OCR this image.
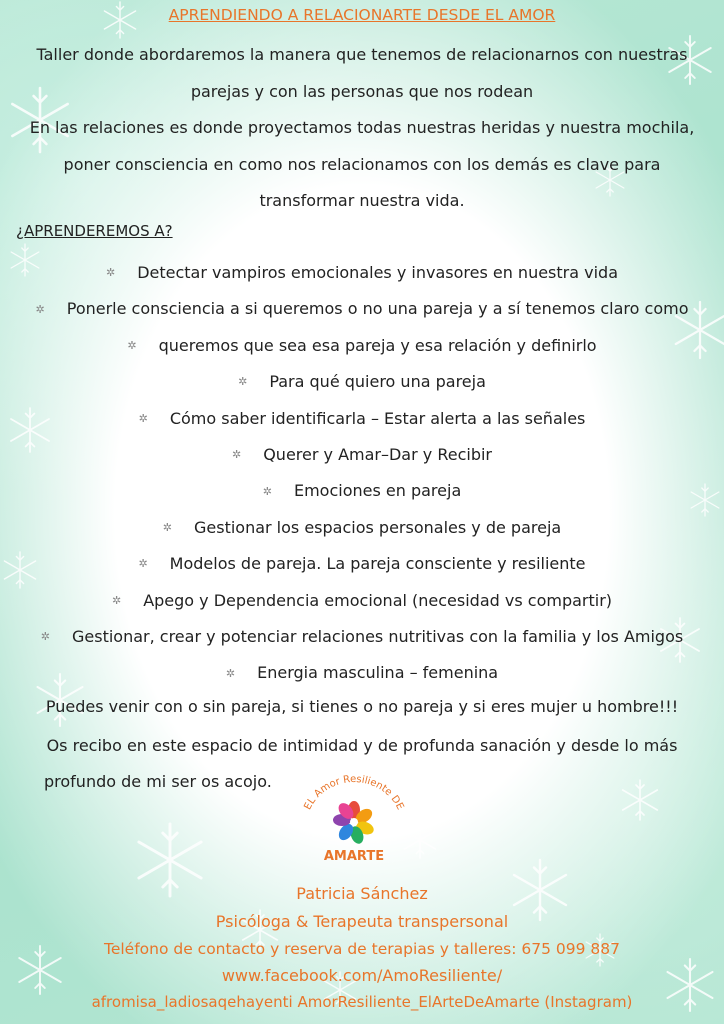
APRENDIENDO A RELACIONARTE DESDE EL AMOR
Taller donde abordaremos la manera que tenemos de relacionarnos con nuestras
parejas y con las personas que nos rodean
En las relaciones es donde proyectamos todas nuestras heridas y nuestra mochila,
poner consciencia en como nos relacionamos con los demás es clave para
transformar nuestra vida.
¿APRENDEREMOS A?
✲ Detectar vampiros emocionales y invasores en nuestra vida
✲ Ponerle consciencia a si queremos o no una pareja y a sí tenemos claro como
✲ queremos que sea esa pareja y esa relación y definirlo
✲ Para qué quiero una pareja
✲ Cómo saber identificarla – Estar alerta a las señales
✲ Querer y Amar–Dar y Recibir
✲ Emociones en pareja
✲ Gestionar los espacios personales y de pareja
✲ Modelos de pareja. La pareja consciente y resiliente
✲ Apego y Dependencia emocional (necesidad vs compartir)
✲ Gestionar, crear y potenciar relaciones nutritivas con la familia y los Amigos
✲ Energia masculina – femenina
Puedes venir con o sin pareja, si tienes o no pareja y si eres mujer u hombre!!!
Os recibo en este espacio de intimidad y de profunda sanación y desde lo más
profundo de mi ser os acojo.
EL Amor Resiliente DE
AMARTE
Patricia Sánchez
Psicóloga & Terapeuta transpersonal
Teléfono de contacto y reserva de terapias y talleres: 675 099 887
www.facebook.com/AmoResiliente/
afromisa_ladiosaqehayenti AmorResiliente_ElArteDeAmarte (Instagram)
